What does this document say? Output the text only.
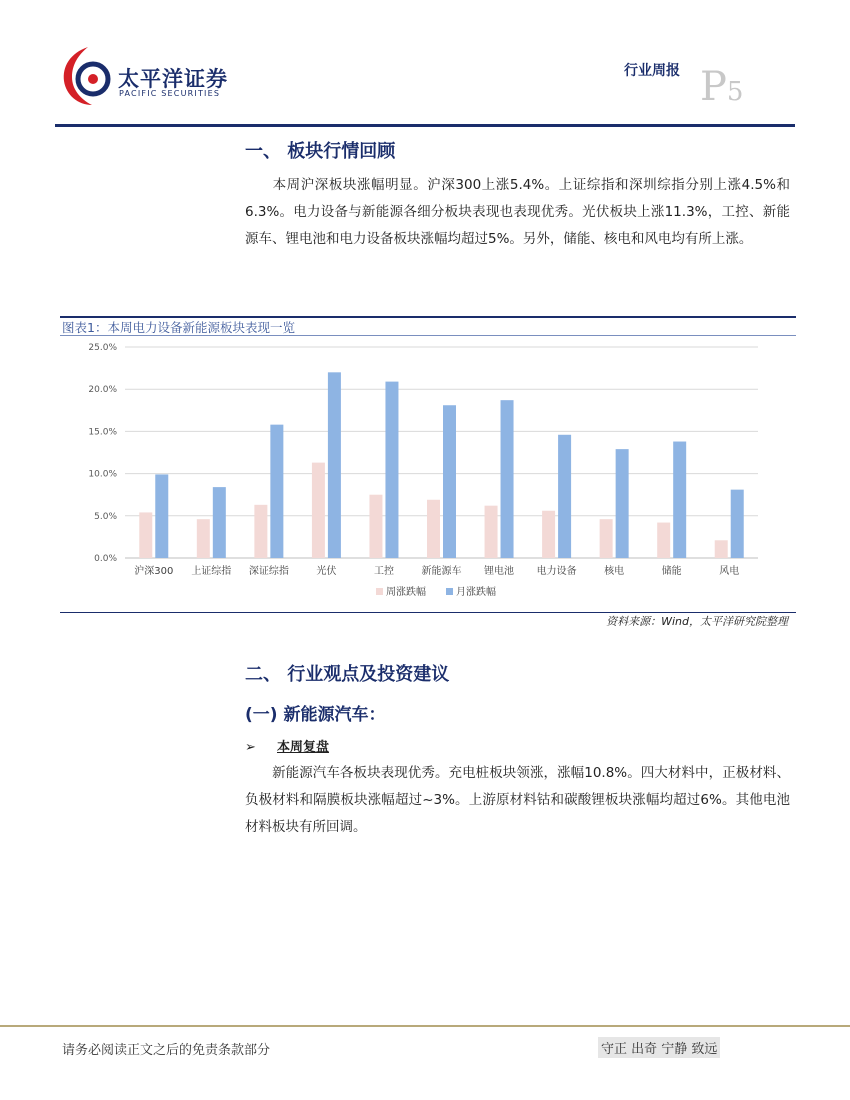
太平洋证券
PACIFIC SECURITIES
行业周报 P5
一、 板块行情回顾
本周沪深板块涨幅明显。沪深300上涨5.4%。上证综指和深圳综指分别上涨4.5%和6.3%。电力设备与新能源各细分板块表现也表现优秀。光伏板块上涨11.3%，工控、新能源车、锂电池和电力设备板块涨幅均超过5%。另外，储能、核电和风电均有所上涨。
图表1：本周电力设备新能源板块表现一览
0.0%
5.0%
10.0%
15.0%
20.0%
25.0%
沪深300 上证综指 深证综指	光伏	工控	新能源车 锂电池 电力设备	核电	储能	风电
周涨跌幅	月涨跌幅
资料来源：Wind，太平洋研究院整理
二、 行业观点及投资建议
(一) 新能源汽车：
➢ 本周复盘
新能源汽车各板块表现优秀。充电桩板块领涨，涨幅10.8%。四大材料中，正极材料、负极材料和隔膜板块涨幅超过~3%。上游原材料钴和碳酸锂板块涨幅均超过6%。其他电池材料板块有所回调。
请务必阅读正文之后的免责条款部分	守正 出奇 宁静 致远
